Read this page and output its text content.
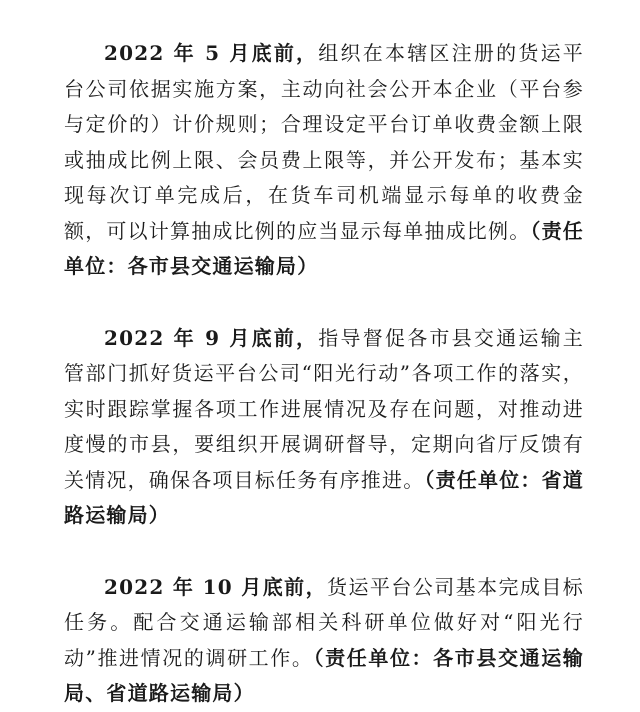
2022 年 5 月底前，组织在本辖区注册的货运平台公司依据实施方案，主动向社会公开本企业（平台参与定价的）计价规则；合理设定平台订单收费金额上限或抽成比例上限、会员费上限等，并公开发布；基本实现每次订单完成后，在货车司机端显示每单的收费金额，可以计算抽成比例的应当显示每单抽成比例。（责任单位：各市县交通运输局）

2022 年 9 月底前，指导督促各市县交通运输主管部门抓好货运平台公司“阳光行动”各项工作的落实，实时跟踪掌握各项工作进展情况及存在问题，对推动进度慢的市县，要组织开展调研督导，定期向省厅反馈有关情况，确保各项目标任务有序推进。（责任单位：省道路运输局）

2022 年 10 月底前，货运平台公司基本完成目标任务。配合交通运输部相关科研单位做好对“阳光行动”推进情况的调研工作。（责任单位：各市县交通运输局、省道路运输局）
